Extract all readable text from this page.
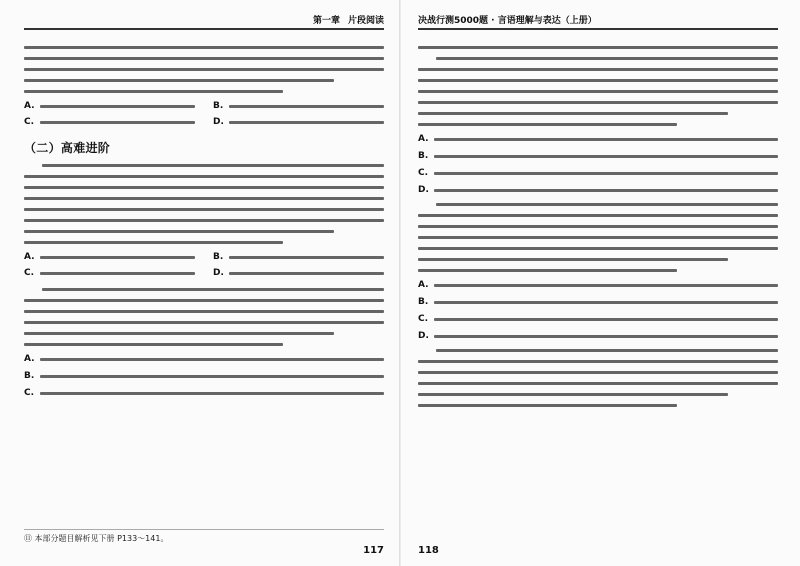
第一章 片段阅读
A.	B.
C.	D.
（二）高难进阶
A.	B.
C.	D.
A.
B.
C.
⑪ 本部分题目解析见下册 P133～141。
117
决战行测5000题 · 言语理解与表达（上册）
A.
B.
C.
D.
A.
B.
C.
D.
118
